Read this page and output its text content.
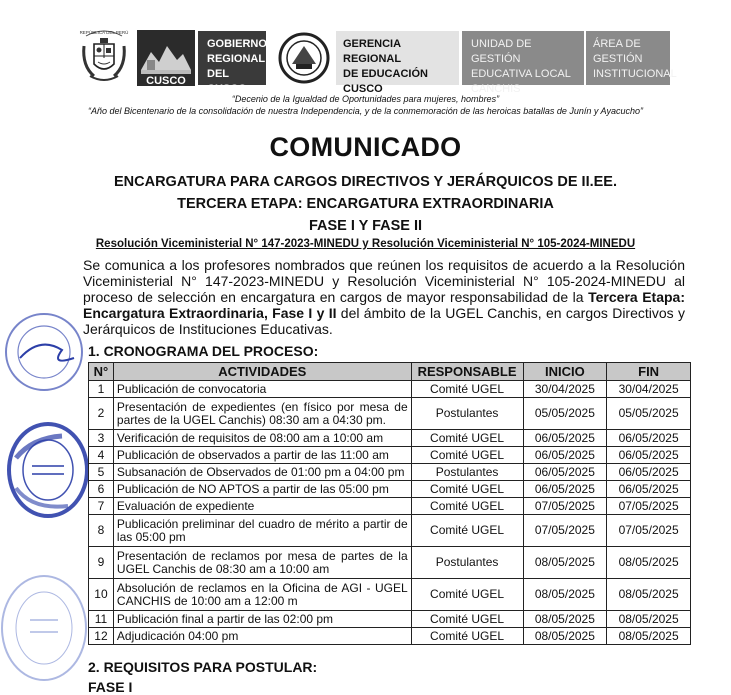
REPÚBLICA DEL PERÚ
CUSCO
GOBIERNO
REGIONAL
DEL CUSCO
GERENCIA REGIONAL
DE EDUCACIÓN
CUSCO
UNIDAD DE GESTIÓN
EDUCATIVA LOCAL
CANCHIS
ÁREA DE
GESTIÓN
INSTITUCIONAL
“Decenio de la Igualdad de Oportunidades para mujeres, hombres”
“Año del Bicentenario de la consolidación de nuestra Independencia, y de la conmemoración de las heroicas batallas de Junín y Ayacucho”
COMUNICADO
ENCARGATURA PARA CARGOS DIRECTIVOS Y JERÁRQUICOS DE II.EE.
TERCERA ETAPA: ENCARGATURA EXTRAORDINARIA
FASE I Y FASE II
Resolución Viceministerial N° 147-2023-MINEDU y Resolución Viceministerial N° 105-2024-MINEDU
Se comunica a los profesores nombrados que reúnen los requisitos de acuerdo a la Resolución Viceministerial N° 147-2023-MINEDU y Resolución Viceministerial N° 105-2024-MINEDU al proceso de selección en encargatura en cargos de mayor responsabilidad de la Tercera Etapa: Encargatura Extraordinaria, Fase I y II del ámbito de la UGEL Canchis, en cargos Directivos y Jerárquicos de Instituciones Educativas.
1. CRONOGRAMA DEL PROCESO:
N°	ACTIVIDADES	RESPONSABLE	INICIO	FIN
1	Publicación de convocatoria	Comité UGEL	30/04/2025	30/04/2025
2	Presentación de expedientes (en físico por mesa de partes de la UGEL Canchis) 08:30 am a 04:30 pm.	Postulantes	05/05/2025	05/05/2025
3	Verificación de requisitos de 08:00 am a 10:00 am	Comité UGEL	06/05/2025	06/05/2025
4	Publicación de observados a partir de las 11:00 am	Comité UGEL	06/05/2025	06/05/2025
5	Subsanación de Observados de 01:00 pm a 04:00 pm	Postulantes	06/05/2025	06/05/2025
6	Publicación de NO APTOS a partir de las 05:00 pm	Comité UGEL	06/05/2025	06/05/2025
7	Evaluación de expediente	Comité UGEL	07/05/2025	07/05/2025
8	Publicación preliminar del cuadro de mérito a partir de las 05:00 pm	Comité UGEL	07/05/2025	07/05/2025
9	Presentación de reclamos por mesa de partes de la UGEL Canchis de 08:30 am a 10:00 am	Postulantes	08/05/2025	08/05/2025
10	Absolución de reclamos en la Oficina de AGI - UGEL CANCHIS de 10:00 am a 12:00 m	Comité UGEL	08/05/2025	08/05/2025
11	Publicación final a partir de las 02:00 pm	Comité UGEL	08/05/2025	08/05/2025
12	Adjudicación 04:00 pm	Comité UGEL	08/05/2025	08/05/2025
2. REQUISITOS PARA POSTULAR:
FASE I
